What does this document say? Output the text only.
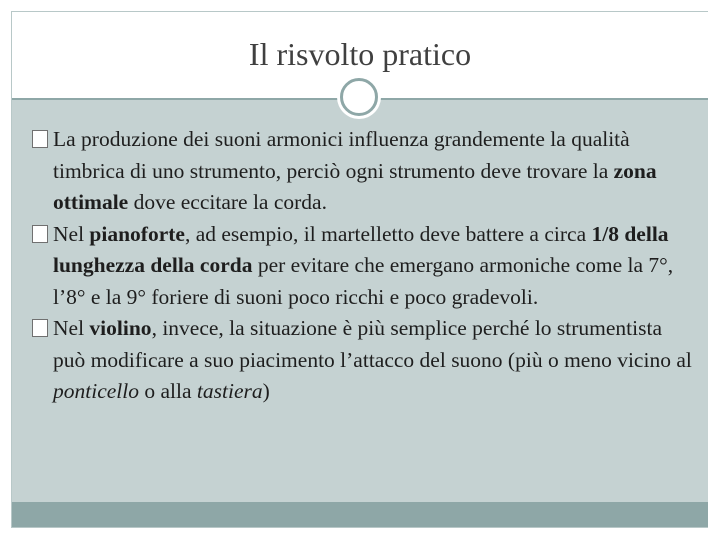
Il risvolto pratico
La produzione dei suoni armonici influenza grandemente la qualità timbrica di uno strumento, perciò ogni strumento deve trovare la zona ottimale dove eccitare la corda.
Nel pianoforte, ad esempio, il martelletto deve battere a circa 1/8 della lunghezza della corda per evitare che emergano armoniche come la 7°, l’8° e la 9° foriere di suoni poco ricchi e poco gradevoli.
Nel violino, invece, la situazione è più semplice perché lo strumentista può modificare a suo piacimento l’attacco del suono (più o meno vicino al ponticello o alla tastiera)
